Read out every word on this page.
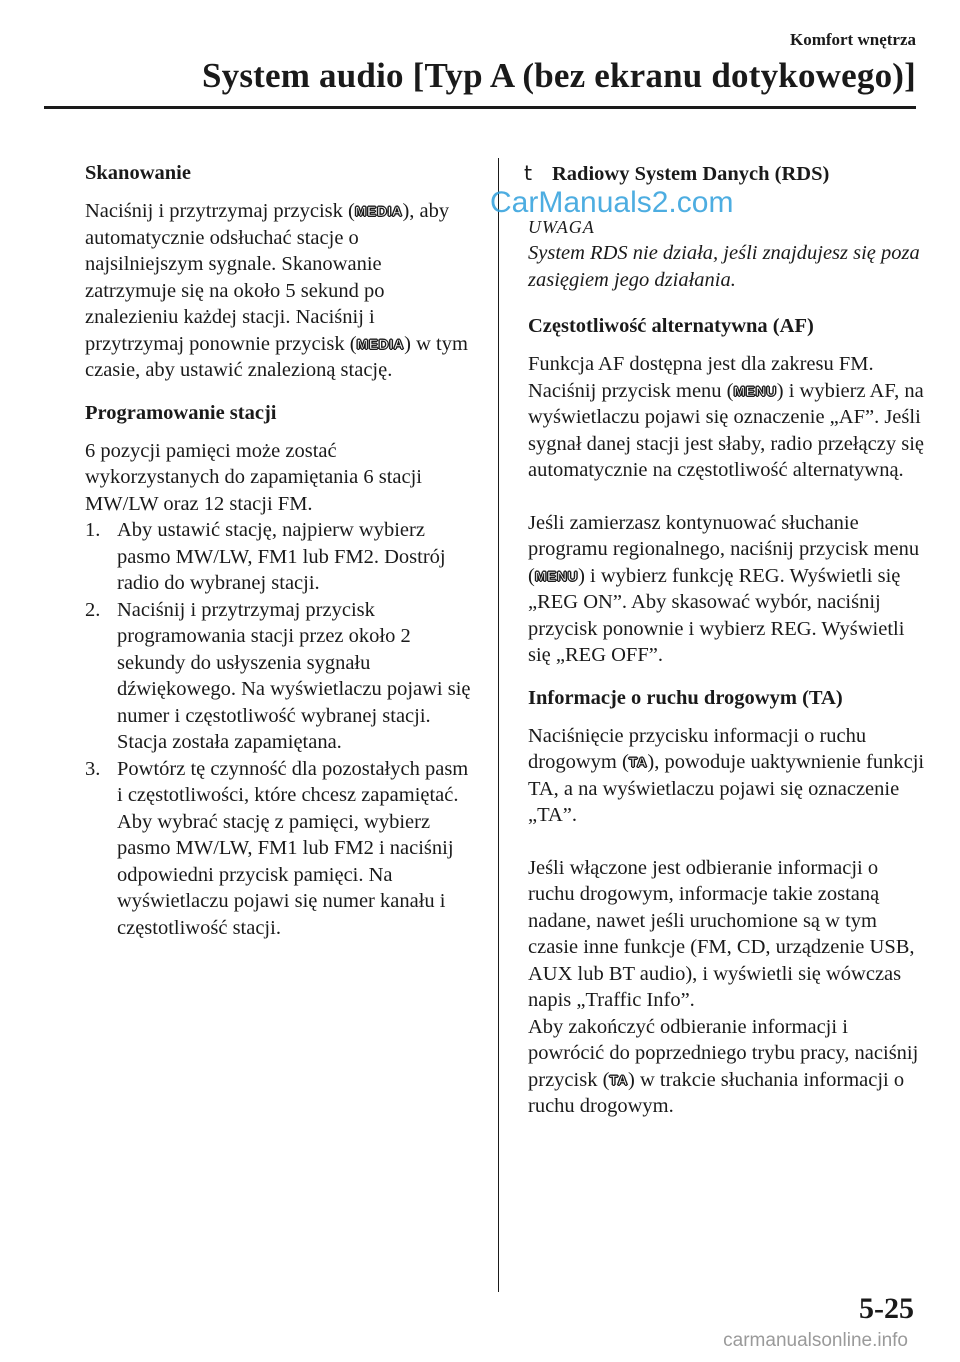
Komfort wnętrza
System audio [Typ A (bez ekranu dotykowego)]
Skanowanie

Naciśnij i przytrzymaj przycisk (MEDIA), aby automatycznie odsłuchać stacje o najsilniejszym sygnale. Skanowanie zatrzymuje się na około 5 sekund po znalezieniu każdej stacji. Naciśnij i przytrzymaj ponownie przycisk (MEDIA) w tym czasie, aby ustawić znalezioną stację.

Programowanie stacji

6 pozycji pamięci może zostać wykorzystanych do zapamiętania 6 stacji MW/LW oraz 12 stacji FM.

1. Aby ustawić stację, najpierw wybierz pasmo MW/LW, FM1 lub FM2. Dostrój radio do wybranej stacji.
2. Naciśnij i przytrzymaj przycisk programowania stacji przez około 2 sekundy do usłyszenia sygnału dźwiękowego. Na wyświetlaczu pojawi się numer i częstotliwość wybranej stacji. Stacja została zapamiętana.
3. Powtórz tę czynność dla pozostałych pasm i częstotliwości, które chcesz zapamiętać. Aby wybrać stację z pamięci, wybierz pasmo MW/LW, FM1 lub FM2 i naciśnij odpowiedni przycisk pamięci. Na wyświetlaczu pojawi się numer kanału i częstotliwość stacji.
t Radiowy System Danych (RDS)

UWAGA

System RDS nie działa, jeśli znajdujesz się poza zasięgiem jego działania.

Częstotliwość alternatywna (AF)

Funkcja AF dostępna jest dla zakresu FM. Naciśnij przycisk menu (MENU) i wybierz AF, na wyświetlaczu pojawi się oznaczenie „AF”. Jeśli sygnał danej stacji jest słaby, radio przełączy się automatycznie na częstotliwość alternatywną.

Jeśli zamierzasz kontynuować słuchanie programu regionalnego, naciśnij przycisk menu (MENU) i wybierz funkcję REG. Wyświetli się „REG ON”. Aby skasować wybór, naciśnij przycisk ponownie i wybierz REG. Wyświetli się „REG OFF”.

Informacje o ruchu drogowym (TA)

Naciśnięcie przycisku informacji o ruchu drogowym (TA), powoduje uaktywnienie funkcji TA, a na wyświetlaczu pojawi się oznaczenie „TA”.

Jeśli włączone jest odbieranie informacji o ruchu drogowym, informacje takie zostaną nadane, nawet jeśli uruchomione są w tym czasie inne funkcje (FM, CD, urządzenie USB, AUX lub BT audio), i wyświetli się wówczas napis „Traffic Info”.

Aby zakończyć odbieranie informacji i powrócić do poprzedniego trybu pracy, naciśnij przycisk (TA) w trakcie słuchania informacji o ruchu drogowym.

CarManuals2.com
5-25
carmanualsonline.info
